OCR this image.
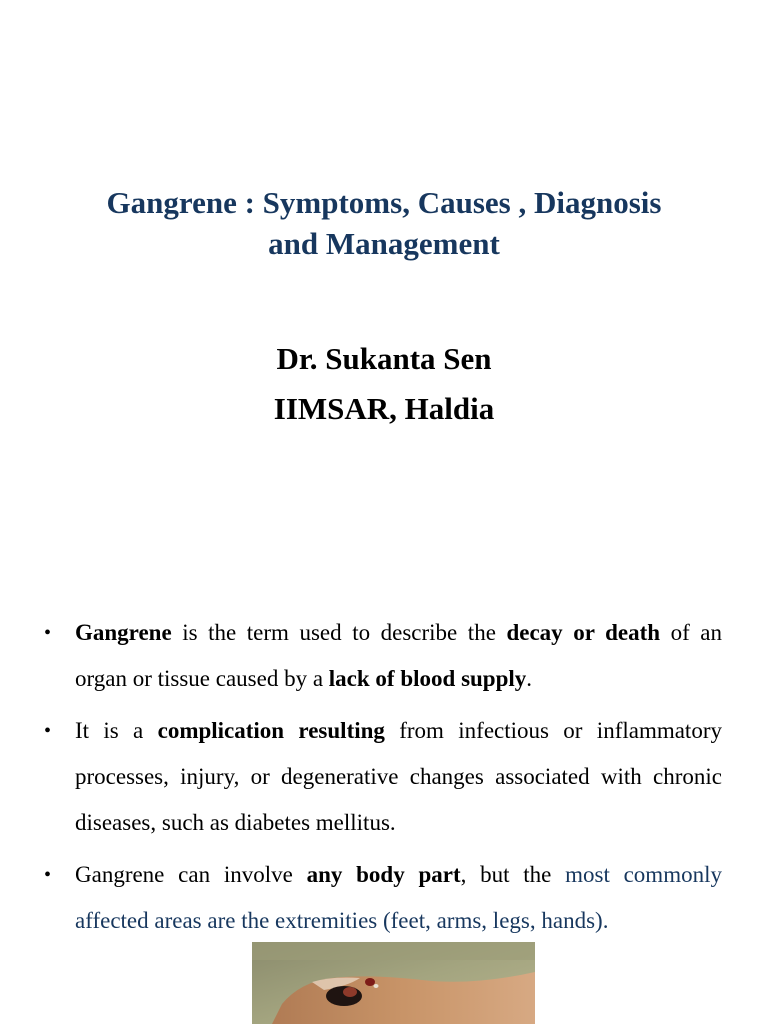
Gangrene : Symptoms, Causes , Diagnosis
and Management
Dr. Sukanta Sen
IIMSAR, Haldia
• Gangrene is the term used to describe the decay or death of an organ or tissue caused by a lack of blood supply.
• It is a complication resulting from infectious or inflammatory processes, injury, or degenerative changes associated with chronic diseases, such as diabetes mellitus.
• Gangrene can involve any body part, but the most commonly affected areas are the extremities (feet, arms, legs, hands).
